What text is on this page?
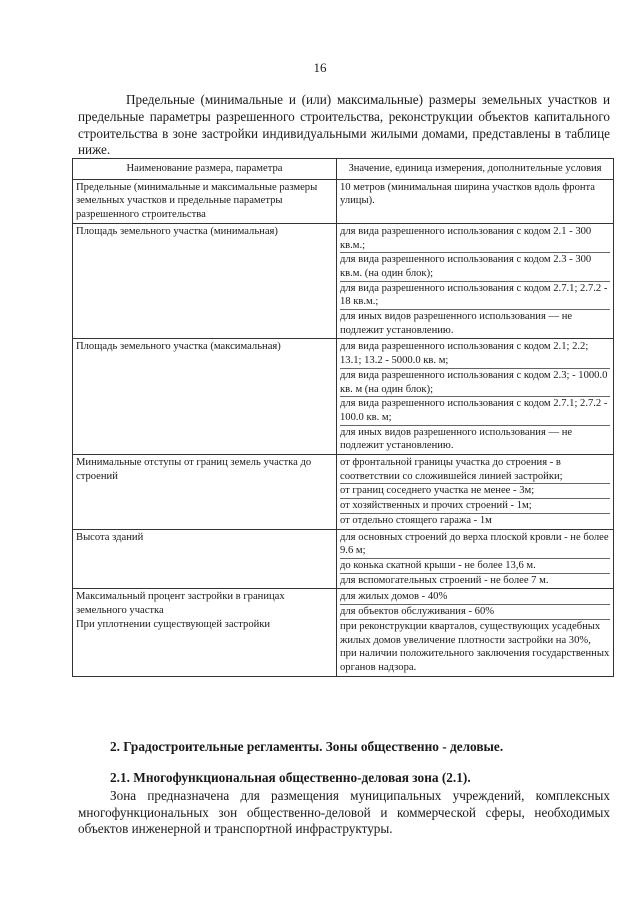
16

Предельные (минимальные и (или) максимальные) размеры земельных участков и предельные параметры разрешенного строительства, реконструкции объектов капитального строительства в зоне застройки индивидуальными жилыми домами, представлены в таблице ниже.

Наименование размера, параметра	Значение, единица измерения, дополнительные условия
Предельные (минимальные и максимальные размеры земельных участков и предельные параметры разрешенного строительства	10 метров (минимальная ширина участков вдоль фронта улицы).

Площадь земельного участка (минимальная)	для вида разрешенного использования с кодом 2.1 - 300 кв.м.;
для вида разрешенного использования с кодом 2.3 - 300 кв.м. (на один блок);
для вида разрешенного использования с кодом 2.7.1; 2.7.2 - 18 кв.м.;
для иных видов разрешенного использования — не подлежит установлению.

Площадь земельного участка (максимальная)	для вида разрешенного использования с кодом 2.1; 2.2; 13.1; 13.2 - 5000.0 кв. м;
для вида разрешенного использования с кодом 2.3; - 1000.0 кв. м (на один блок);
для вида разрешенного использования с кодом 2.7.1; 2.7.2 - 100.0 кв. м;
для иных видов разрешенного использования — не подлежит установлению.

Минимальные отступы от границ земель участка до строений	от фронтальной границы участка до строения - в соответствии со сложившейся линией застройки;
от границ соседнего участка не менее - 3м;
от хозяйственных и прочих строений - 1м;
от отдельно стоящего гаража - 1м

Высота зданий	для основных строений до верха плоской кровли - не более 9.6 м;
до конька скатной крыши - не более 13,6 м.
для вспомогательных строений - не более 7 м.

Максимальный процент застройки в границах земельного участка
При уплотнении существующей застройки	для жилых домов - 40%
для объектов обслуживания - 60%
при реконструкции кварталов, существующих усадебных жилых домов увеличение плотности застройки на 30%, при наличии положительного заключения государственных органов надзора.

2. Градостроительные регламенты. Зоны общественно - деловые.

2.1. Многофункциональная общественно-деловая зона (2.1).

Зона предназначена для размещения муниципальных учреждений, комплексных многофункциональных зон общественно-деловой и коммерческой сферы, необходимых объектов инженерной и транспортной инфраструктуры.
